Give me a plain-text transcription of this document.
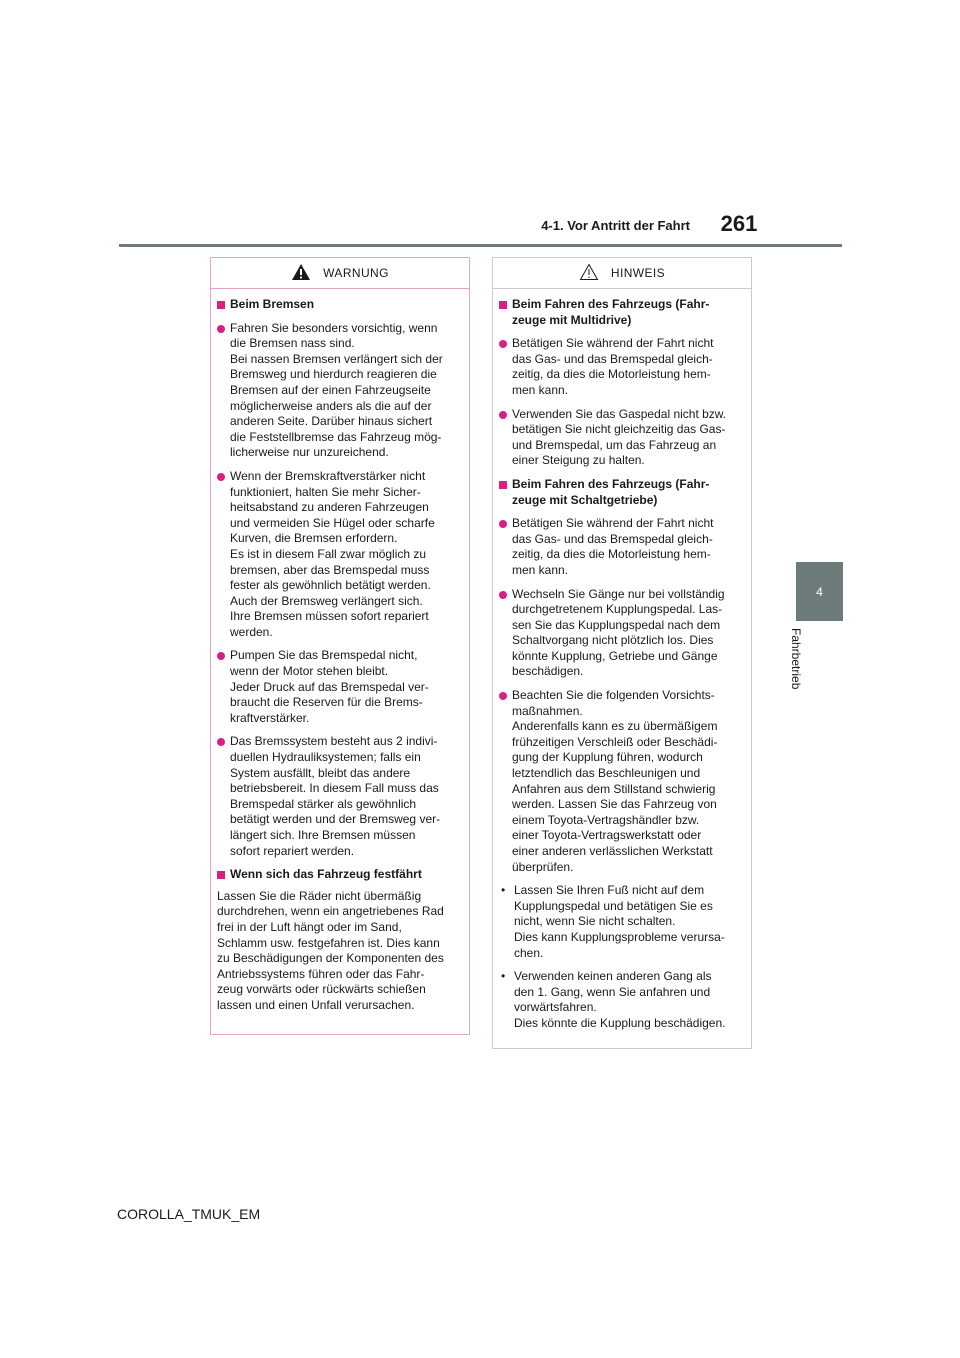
4-1. Vor Antritt der Fahrt	261
4
Fahrbetrieb
WARNUNG
Beim Bremsen
Fahren Sie besonders vorsichtig, wenn
die Bremsen nass sind.
Bei nassen Bremsen verlängert sich der
Bremsweg und hierdurch reagieren die
Bremsen auf der einen Fahrzeugseite
möglicherweise anders als die auf der
anderen Seite. Darüber hinaus sichert
die Feststellbremse das Fahrzeug mög-
licherweise nur unzureichend.
Wenn der Bremskraftverstärker nicht
funktioniert, halten Sie mehr Sicher-
heitsabstand zu anderen Fahrzeugen
und vermeiden Sie Hügel oder scharfe
Kurven, die Bremsen erfordern.
Es ist in diesem Fall zwar möglich zu
bremsen, aber das Bremspedal muss
fester als gewöhnlich betätigt werden.
Auch der Bremsweg verlängert sich.
Ihre Bremsen müssen sofort repariert
werden.
Pumpen Sie das Bremspedal nicht,
wenn der Motor stehen bleibt.
Jeder Druck auf das Bremspedal ver-
braucht die Reserven für die Brems-
kraftverstärker.
Das Bremssystem besteht aus 2 indivi-
duellen Hydrauliksystemen; falls ein
System ausfällt, bleibt das andere
betriebsbereit. In diesem Fall muss das
Bremspedal stärker als gewöhnlich
betätigt werden und der Bremsweg ver-
längert sich. Ihre Bremsen müssen
sofort repariert werden.
Wenn sich das Fahrzeug festfährt
Lassen Sie die Räder nicht übermäßig
durchdrehen, wenn ein angetriebenes Rad
frei in der Luft hängt oder im Sand,
Schlamm usw. festgefahren ist. Dies kann
zu Beschädigungen der Komponenten des
Antriebssystems führen oder das Fahr-
zeug vorwärts oder rückwärts schießen
lassen und einen Unfall verursachen.
HINWEIS
Beim Fahren des Fahrzeugs (Fahr-
zeuge mit Multidrive)
Betätigen Sie während der Fahrt nicht
das Gas- und das Bremspedal gleich-
zeitig, da dies die Motorleistung hem-
men kann.
Verwenden Sie das Gaspedal nicht bzw.
betätigen Sie nicht gleichzeitig das Gas-
und Bremspedal, um das Fahrzeug an
einer Steigung zu halten.
Beim Fahren des Fahrzeugs (Fahr-
zeuge mit Schaltgetriebe)
Betätigen Sie während der Fahrt nicht
das Gas- und das Bremspedal gleich-
zeitig, da dies die Motorleistung hem-
men kann.
Wechseln Sie Gänge nur bei vollständig
durchgetretenem Kupplungspedal. Las-
sen Sie das Kupplungspedal nach dem
Schaltvorgang nicht plötzlich los. Dies
könnte Kupplung, Getriebe und Gänge
beschädigen.
Beachten Sie die folgenden Vorsichts-
maßnahmen.
Anderenfalls kann es zu übermäßigem
frühzeitigen Verschleiß oder Beschädi-
gung der Kupplung führen, wodurch
letztendlich das Beschleunigen und
Anfahren aus dem Stillstand schwierig
werden. Lassen Sie das Fahrzeug von
einem Toyota-Vertragshändler bzw.
einer Toyota-Vertragswerkstatt oder
einer anderen verlässlichen Werkstatt
überprüfen.
• Lassen Sie Ihren Fuß nicht auf dem
Kupplungspedal und betätigen Sie es
nicht, wenn Sie nicht schalten.
Dies kann Kupplungsprobleme verursa-
chen.
• Verwenden keinen anderen Gang als
den 1. Gang, wenn Sie anfahren und
vorwärtsfahren.
Dies könnte die Kupplung beschädigen.
COROLLA_TMUK_EM
